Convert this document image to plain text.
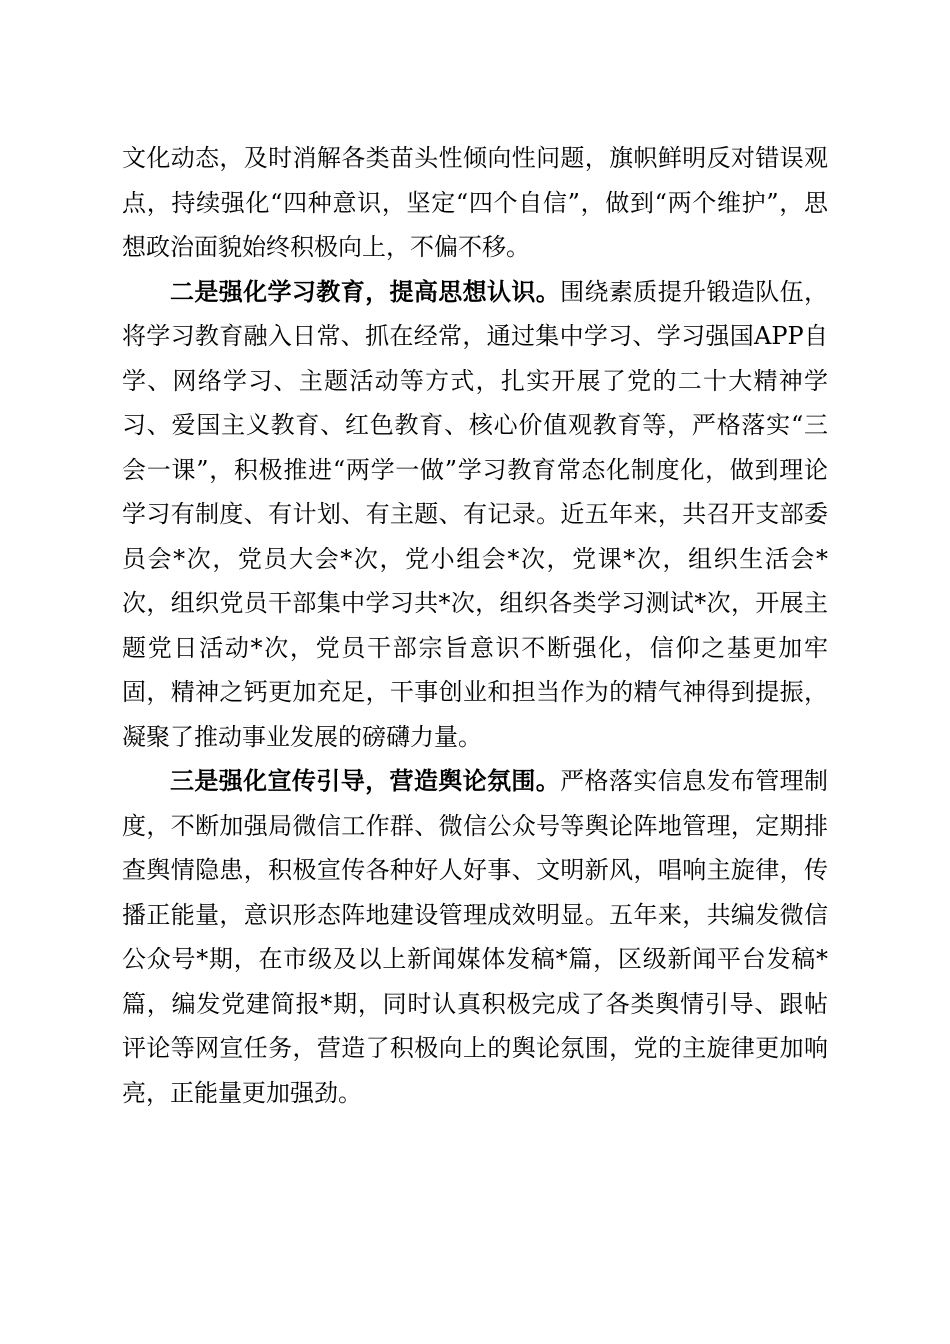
文化动态，及时消解各类苗头性倾向性问题，旗帜鲜明反对错误观点，持续强化“四种意识，坚定“四个自信”，做到“两个维护”，思想政治面貌始终积极向上，不偏不移。

二是强化学习教育，提高思想认识。围绕素质提升锻造队伍，将学习教育融入日常、抓在经常，通过集中学习、学习强国APP自学、网络学习、主题活动等方式，扎实开展了党的二十大精神学习、爱国主义教育、红色教育、核心价值观教育等，严格落实“三会一课”，积极推进“两学一做”学习教育常态化制度化，做到理论学习有制度、有计划、有主题、有记录。近五年来，共召开支部委员会*次，党员大会*次，党小组会*次，党课*次，组织生活会*次，组织党员干部集中学习共*次，组织各类学习测试*次，开展主题党日活动*次，党员干部宗旨意识不断强化，信仰之基更加牢固，精神之钙更加充足，干事创业和担当作为的精气神得到提振，凝聚了推动事业发展的磅礴力量。

三是强化宣传引导，营造舆论氛围。严格落实信息发布管理制度，不断加强局微信工作群、微信公众号等舆论阵地管理，定期排查舆情隐患，积极宣传各种好人好事、文明新风，唱响主旋律，传播正能量，意识形态阵地建设管理成效明显。五年来，共编发微信公众号*期，在市级及以上新闻媒体发稿*篇，区级新闻平台发稿*篇，编发党建简报*期，同时认真积极完成了各类舆情引导、跟帖评论等网宣任务，营造了积极向上的舆论氛围，党的主旋律更加响亮，正能量更加强劲。
